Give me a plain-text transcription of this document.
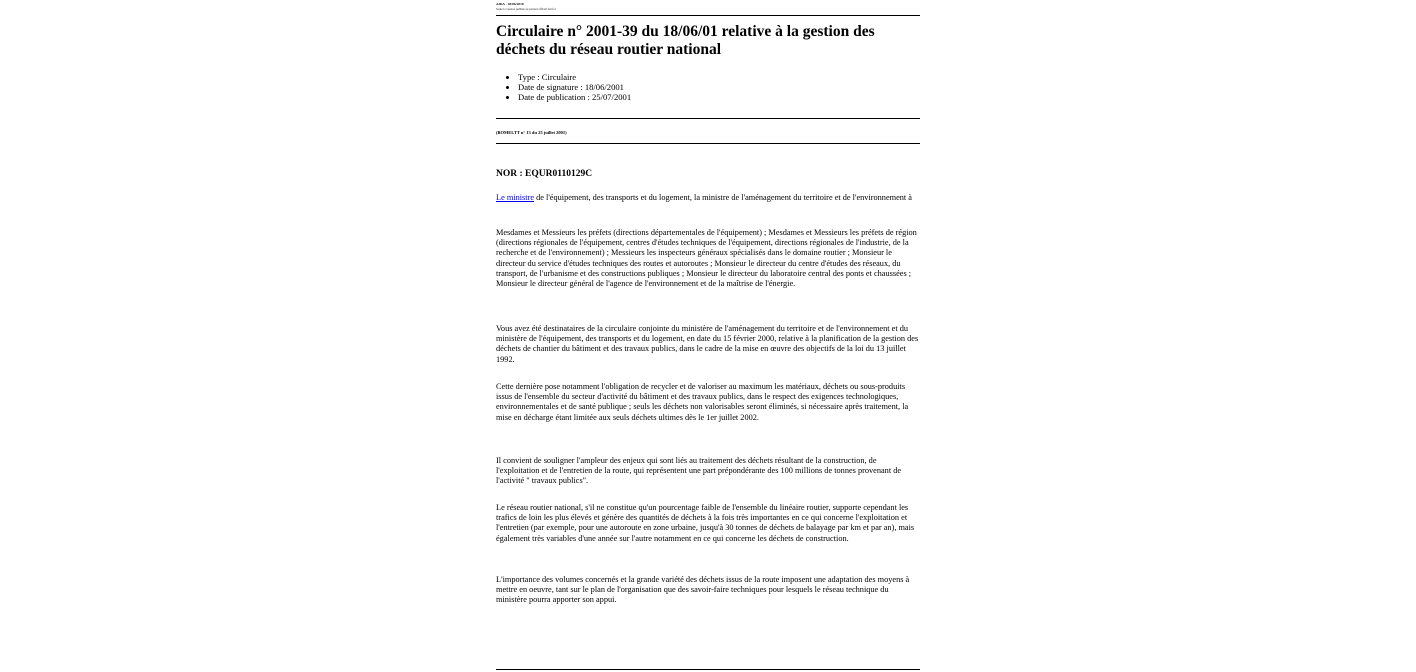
AIDA - 28/06/2018
Seule la version publiée au journal officiel fait foi
Circulaire n° 2001-39 du 18/06/01 relative à la gestion des déchets du réseau routier national
• Type : Circulaire
• Date de signature : 18/06/2001
• Date de publication : 25/07/2001
(BOMELTT n° 13 du 25 juillet 2001)
NOR : EQUR0110129C

Le ministre de l'équipement, des transports et du logement, la ministre de l'aménagement du territoire et de l'environnement à

Mesdames et Messieurs les préfets (directions départementales de l'équipement) ; Mesdames et Messieurs les préfets de région (directions régionales de l'équipement, centres d'études techniques de l'équipement, directions régionales de l'industrie, de la recherche et de l'environnement) ; Messieurs les inspecteurs généraux spécialisés dans le domaine routier ; Monsieur le directeur du service d'études techniques des routes et autoroutes ; Monsieur le directeur du centre d'études des réseaux, du transport, de l'urbanisme et des constructions publiques ; Monsieur le directeur du laboratoire central des ponts et chaussées ; Monsieur le directeur général de l'agence de l'environnement et de la maîtrise de l'énergie.

Vous avez été destinataires de la circulaire conjointe du ministère de l'aménagement du territoire et de l'environnement et du ministère de l'équipement, des transports et du logement, en date du 15 février 2000, relative à la planification de la gestion des déchets de chantier du bâtiment et des travaux publics, dans le cadre de la mise en œuvre des objectifs de la loi du 13 juillet 1992.

Cette dernière pose notamment l'obligation de recycler et de valoriser au maximum les matériaux, déchets ou sous-produits issus de l'ensemble du secteur d'activité du bâtiment et des travaux publics, dans le respect des exigences technologiques, environnementales et de santé publique ; seuls les déchets non valorisables seront éliminés, si nécessaire après traitement, la mise en décharge étant limitée aux seuls déchets ultimes dès le 1er juillet 2002.

Il convient de souligner l'ampleur des enjeux qui sont liés au traitement des déchets résultant de la construction, de l'exploitation et de l'entretien de la route, qui représentent une part prépondérante des 100 millions de tonnes provenant de l'activité " travaux publics".

Le réseau routier national, s'il ne constitue qu'un pourcentage faible de l'ensemble du linéaire routier, supporte cependant les trafics de loin les plus élevés et génère des quantités de déchets à la fois très importantes en ce qui concerne l'exploitation et l'entretien (par exemple, pour une autoroute en zone urbaine, jusqu'à 30 tonnes de déchets de balayage par km et par an), mais également très variables d'une année sur l'autre notamment en ce qui concerne les déchets de construction.

L'importance des volumes concernés et la grande variété des déchets issus de la route imposent une adaptation des moyens à mettre en oeuvre, tant sur le plan de l'organisation que des savoir-faire techniques pour lesquels le réseau technique du ministère pourra apporter son appui.
